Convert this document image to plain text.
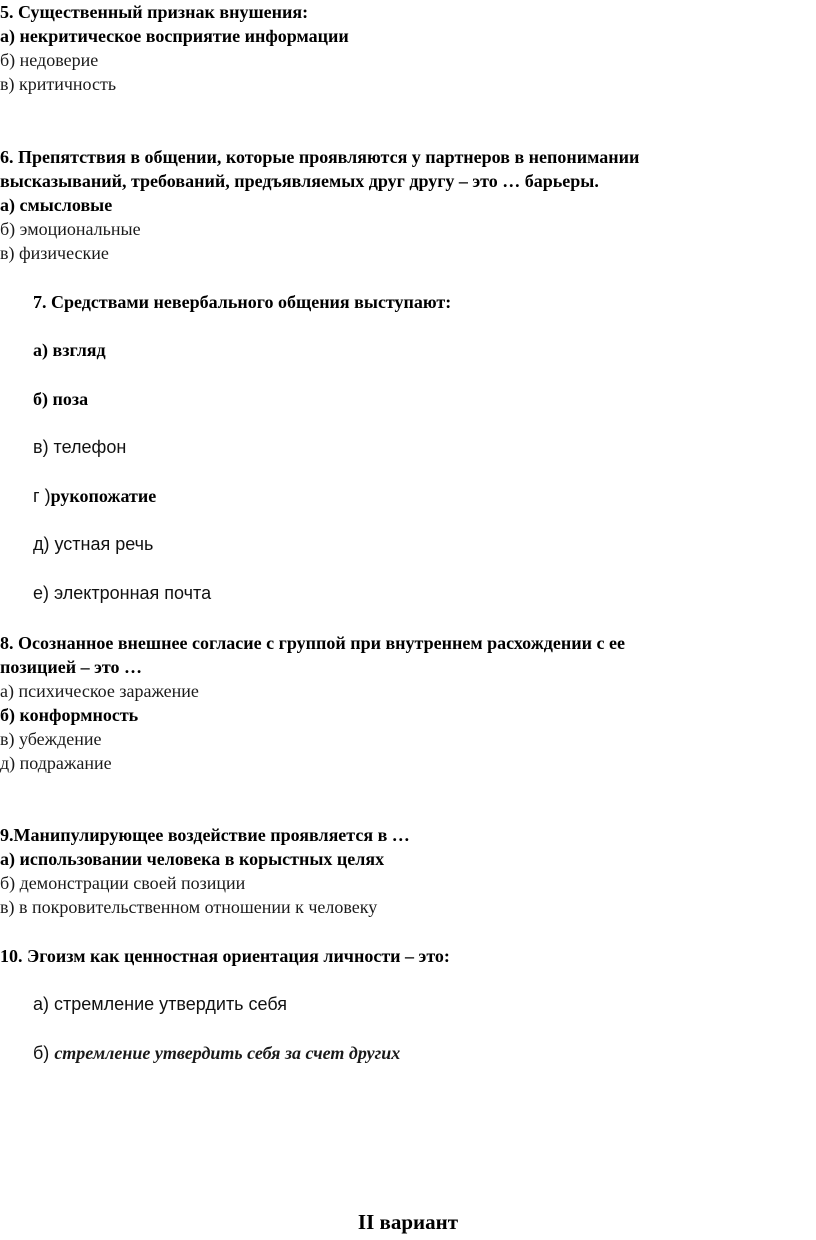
5. Существенный признак внушения:

а) некритическое восприятие информации

б) недоверие

в) критичность

6. Препятствия в общении, которые проявляются у партнеров в непонимании

высказываний, требований, предъявляемых друг другу – это … барьеры.

а) смысловые

б) эмоциональные

в) физические

7. Средствами невербального общения выступают:

а) взгляд

б) поза

в) телефон

г )рукопожатие

д) устная речь

е) электронная почта

8. Осознанное внешнее согласие с группой при внутреннем расхождении с ее

позицией – это …

а) психическое заражение

б) конформность

в) убеждение

д) подражание

9.Манипулирующее воздействие проявляется в …

а) использовании человека в корыстных целях

б) демонстрации своей позиции

в) в покровительственном отношении к человеку

10. Эгоизм как ценностная ориентация личности – это:

а) стремление утвердить себя

б) стремление утвердить себя за счет других

II вариант
